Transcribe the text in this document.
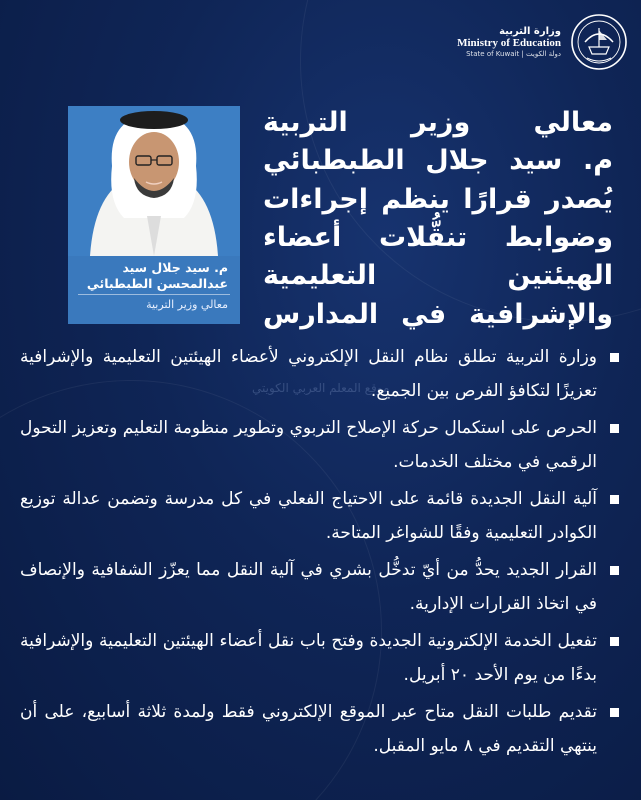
وزارة التربية
Ministry of Education
State of Kuwait | دولة الكويت
م. سيد جلال سيد عبدالمحسن الطبطبائي
معالي وزير التربية
معالي وزير التربية
م. سيد جلال الطبطبائي
يُصدر قرارًا ينظم إجراءات
وضوابط تنقُّلات أعضاء
الهيئتين التعليمية
والإشرافية في المدارس
موقع المعلم العربي الكويتي
وزارة التربية تطلق نظام النقل الإلكتروني لأعضاء الهيئتين التعليمية والإشرافية تعزيزًا لتكافؤ الفرص بين الجميع.
الحرص على استكمال حركة الإصلاح التربوي وتطوير منظومة التعليم وتعزيز التحول الرقمي في مختلف الخدمات.
آلية النقل الجديدة قائمة على الاحتياج الفعلي في كل مدرسة وتضمن عدالة توزيع الكوادر التعليمية وفقًا للشواغر المتاحة.
القرار الجديد يحدُّ من أيّ تدخُّل بشري في آلية النقل مما يعزّز الشفافية والإنصاف في اتخاذ القرارات الإدارية.
تفعيل الخدمة الإلكترونية الجديدة وفتح باب نقل أعضاء الهيئتين التعليمية والإشرافية بدءًا من يوم الأحد ٢٠ أبريل.
تقديم طلبات النقل متاح عبر الموقع الإلكتروني فقط ولمدة ثلاثة أسابيع، على أن ينتهي التقديم في ٨ مايو المقبل.
